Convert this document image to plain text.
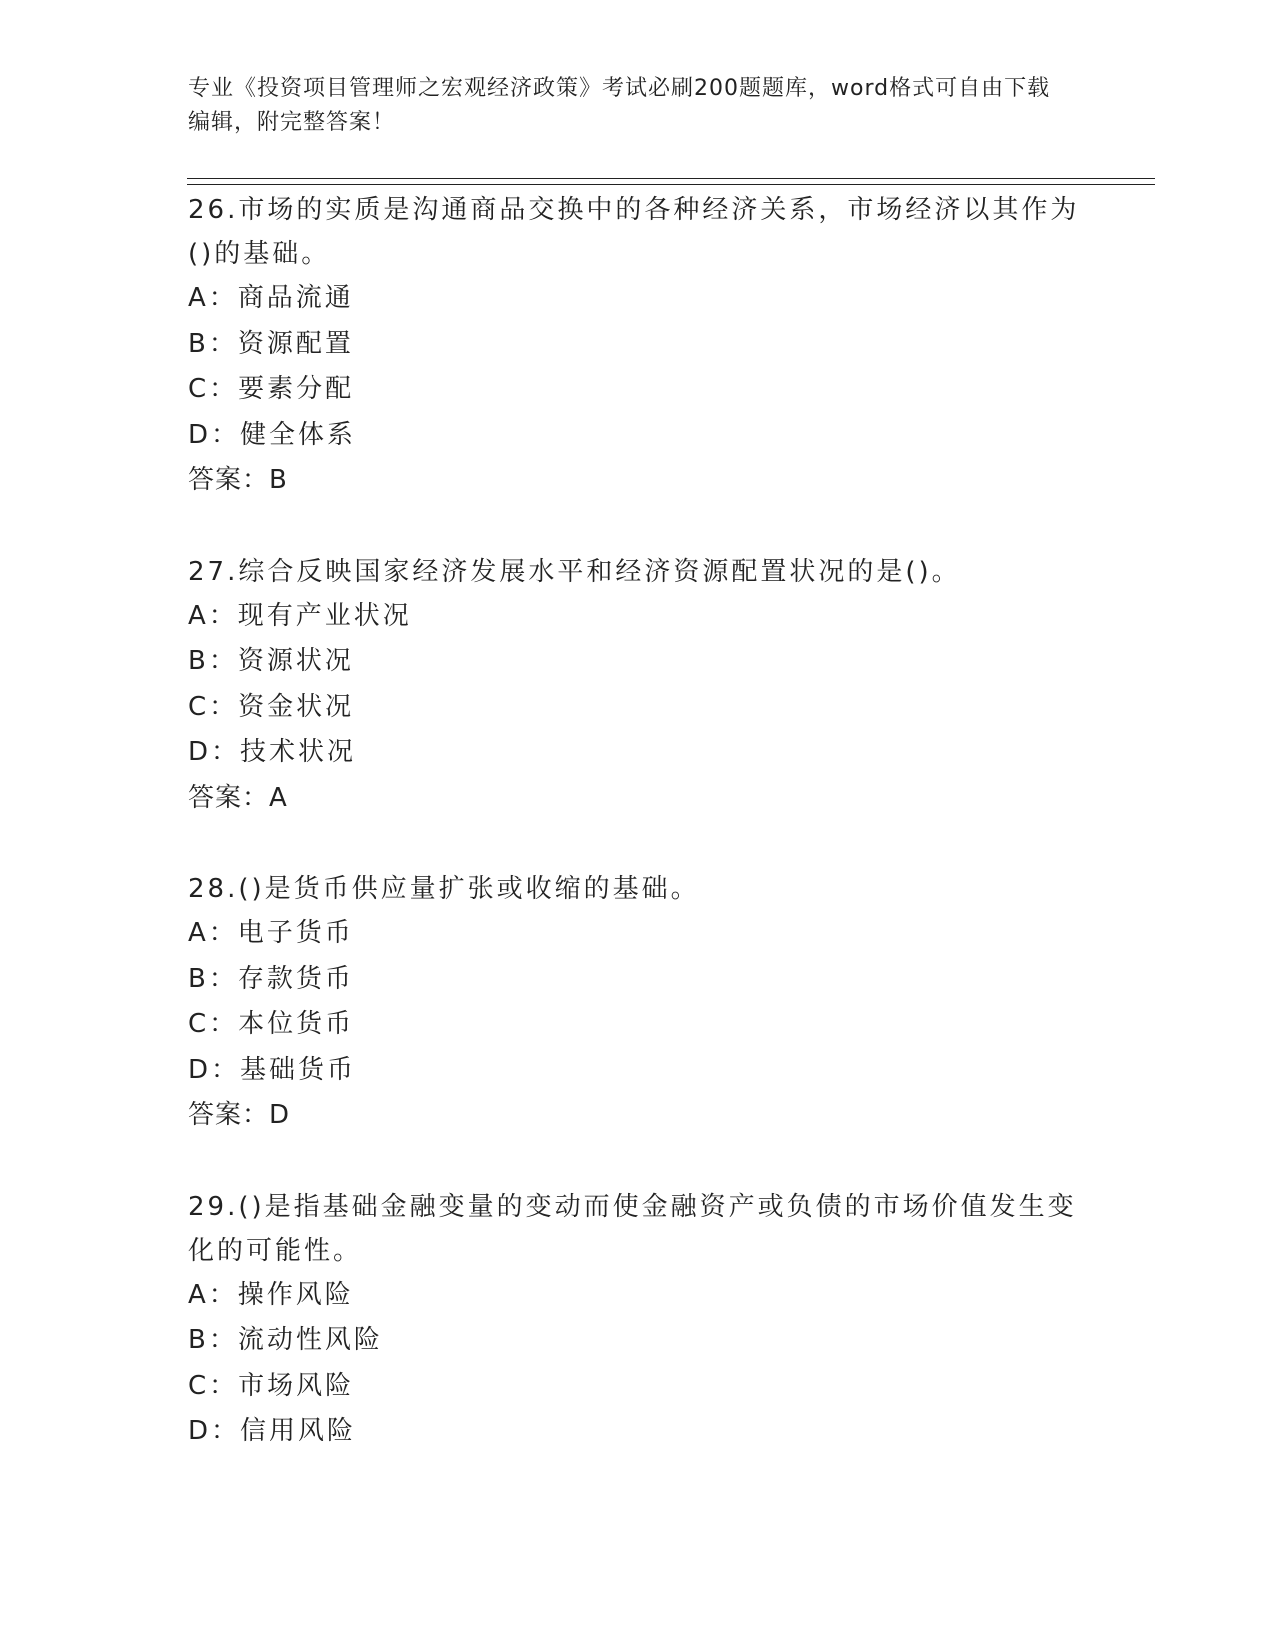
专业《投资项目管理师之宏观经济政策》考试必刷200题题库，word格式可自由下载编辑，附完整答案！

26.市场的实质是沟通商品交换中的各种经济关系，市场经济以其作为()的基础。

A：商品流通

B：资源配置

C：要素分配

D：健全体系

答案：B

27.综合反映国家经济发展水平和经济资源配置状况的是()。

A：现有产业状况

B：资源状况

C：资金状况

D：技术状况

答案：A

28.()是货币供应量扩张或收缩的基础。

A：电子货币

B：存款货币

C：本位货币

D：基础货币

答案：D

29.()是指基础金融变量的变动而使金融资产或负债的市场价值发生变化的可能性。

A：操作风险

B：流动性风险

C：市场风险

D：信用风险
